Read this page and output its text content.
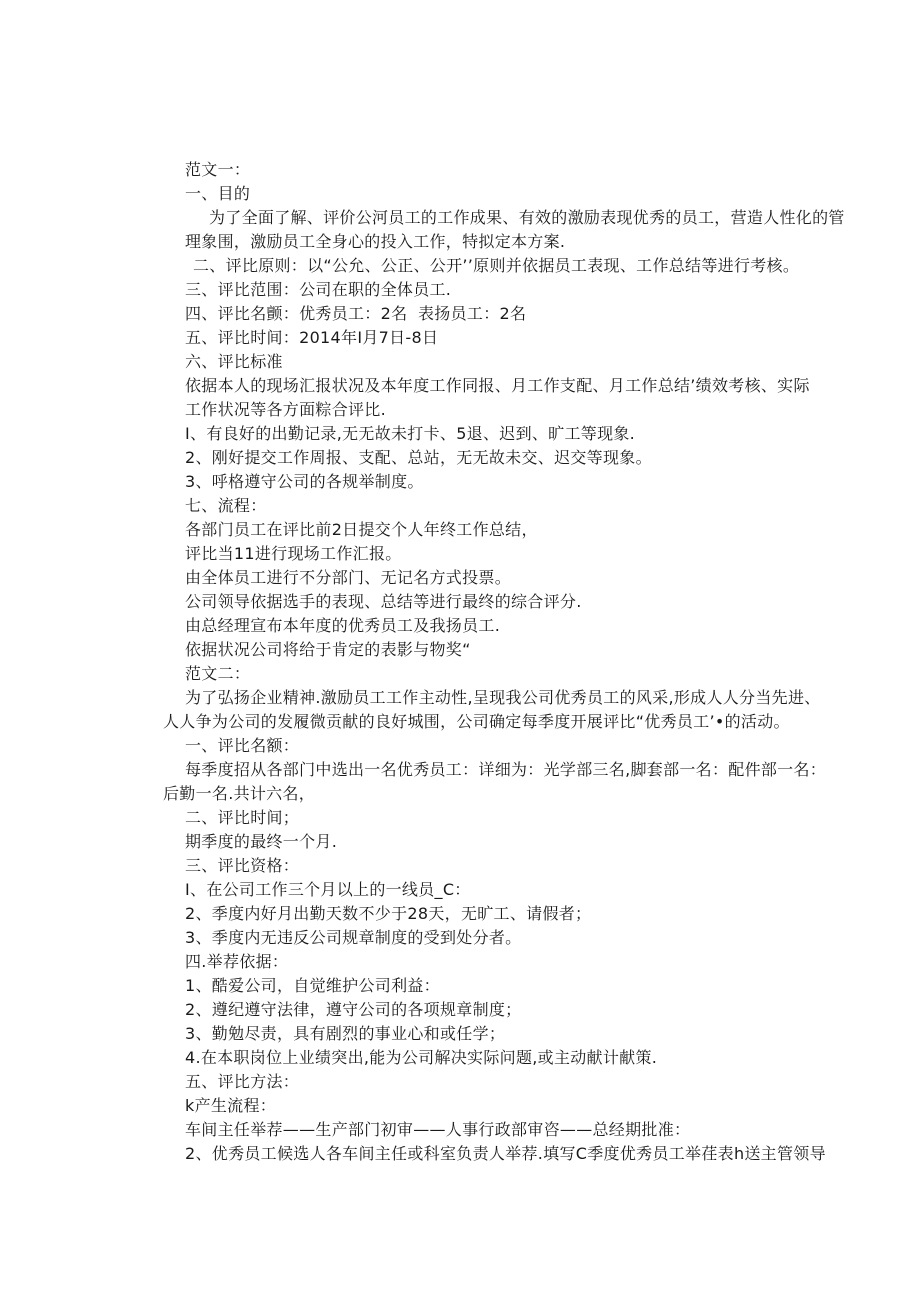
范文一：
一、目的
为了全面了解、评价公河员工的工作成果、有效的激励表现优秀的员工，营造人性化的管
理象围，激励员工全身心的投入工作，特拟定本方案.
二、评比原则：以“公允、公正、公开’’原则并依据员工表现、工作总结等进行考核。
三、评比范围：公司在职的全体员工.
四、评比名颤：优秀员工：2名 表扬员工：2名
五、评比时间：2014年I月7日-8日
六、评比标准
依据本人的现场汇报状况及本年度工作同报、月工作支配、月工作总结’绩效考核、实际
工作状况等各方面粽合评比.
I、有良好的出勤记录,无无故未打卡、5退、迟到、旷工等现象.
2、刚好提交工作周报、支配、总站，无无故未交、迟交等现象。
3、呼格遵守公司的各规举制度。
七、流程：
各部门员工在评比前2日提交个人年终工作总结，
评比当11进行现场工作汇报。
由全体员工进行不分部门、无记名方式投票。
公司领导依据选手的表现、总结等进行最终的综合评分.
由总经理宣布本年度的优秀员工及我扬员工.
依据状况公司将给于肯定的表影与物奖“
范文二：
为了弘扬企业精神.激励员工工作主动性,呈现我公司优秀员工的风采,形成人人分当先进、
人人争为公司的发履微贡献的良好城围，公司确定每季度开展评比“优秀员工’•的活动。
一、评比名额：
每季度招从各部门中选出一名优秀员工：详细为：光学部三名,脚套部一名：配件部一名：
后勤一名.共计六名，
二、评比时间；
期季度的最终一个月.
三、评比资格：
I、在公司工作三个月以上的一线员_C：
2、季度内好月出勤天数不少于28天，无旷工、请假者；
3、季度内无违反公司规章制度的受到处分者。
四.举荐依据：
1、酷爱公司，自觉维护公司利益：
2、遵纪遵守法律，遵守公司的各项规章制度；
3、勤勉尽责，具有剧烈的事业心和或任学；
4.在本职岗位上业绩突出,能为公司解决实际问题,或主动献计献策.
五、评比方法：
k产生流程：
车间主任举荐——生产部门初审——人事行政部审咨——总经期批准：
2、优秀员工候选人各车间主任或科室负责人举荐.填写C季度优秀员工举荏表h送主管领导
